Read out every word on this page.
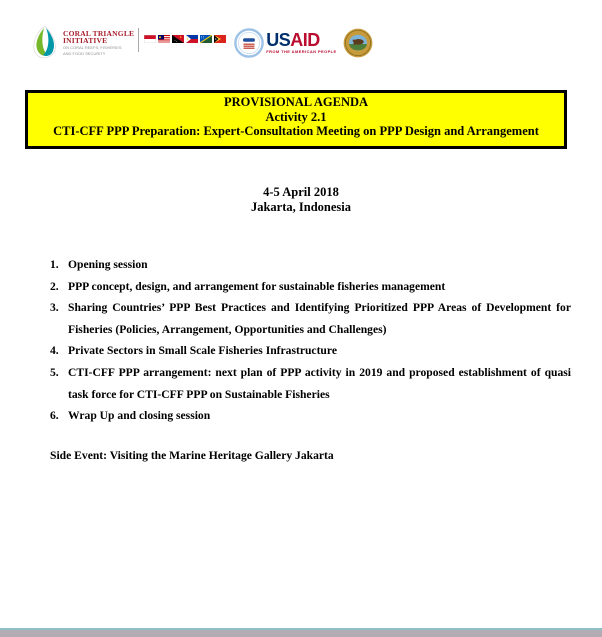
CORAL TRIANGLE
INITIATIVE
ON CORAL REEFS, FISHERIES
AND FOOD SECURITY
USAID
FROM THE AMERICAN PEOPLE
PROVISIONAL AGENDA
Activity 2.1
CTI-CFF PPP Preparation: Expert-Consultation Meeting on PPP Design and Arrangement
4-5 April 2018
Jakarta, Indonesia
1. Opening session
2. PPP concept, design, and arrangement for sustainable fisheries management
3. Sharing Countries’ PPP Best Practices and Identifying Prioritized PPP Areas of Development for Fisheries (Policies, Arrangement, Opportunities and Challenges)
4. Private Sectors in Small Scale Fisheries Infrastructure
5. CTI-CFF PPP arrangement: next plan of PPP activity in 2019 and proposed establishment of quasi task force for CTI-CFF PPP on Sustainable Fisheries
6. Wrap Up and closing session
Side Event: Visiting the Marine Heritage Gallery Jakarta
